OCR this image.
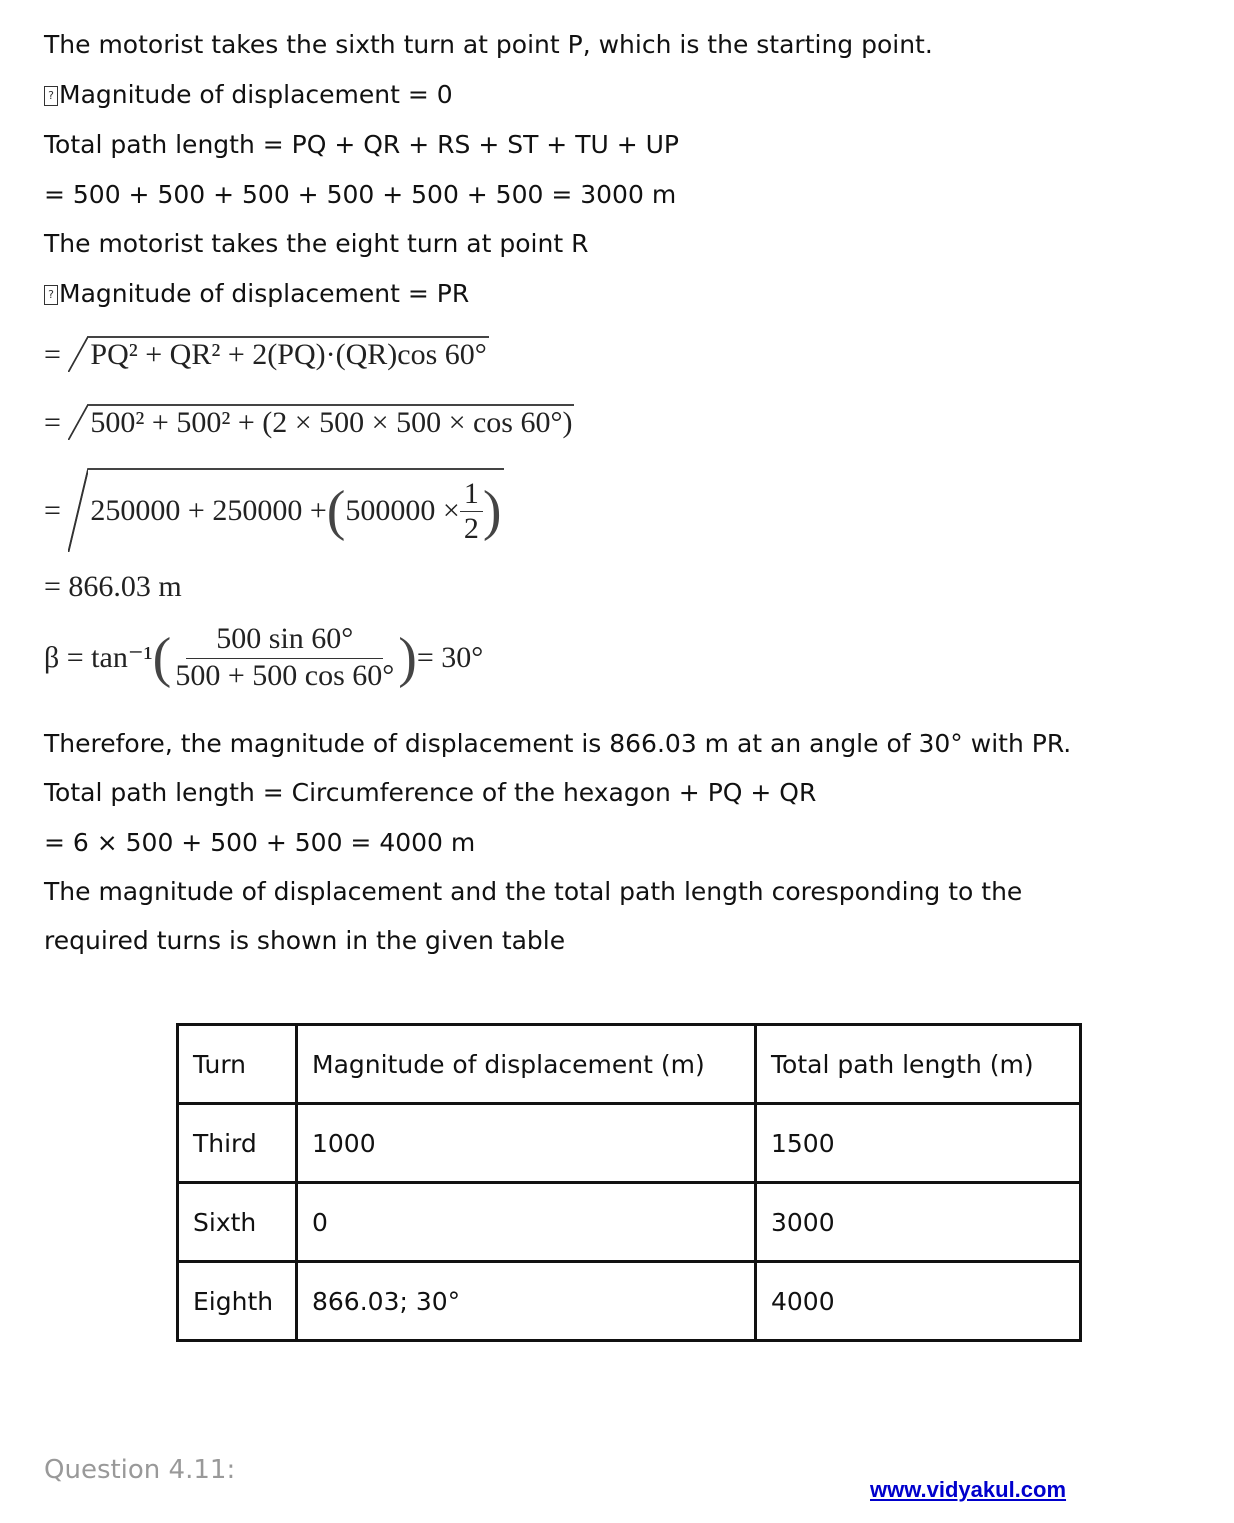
The motorist takes the sixth turn at point P, which is the starting point.
? Magnitude of displacement = 0
Total path length = PQ + QR + RS + ST + TU + UP
= 500 + 500 + 500 + 500 + 500 + 500 = 3000 m
The motorist takes the eight turn at point R
? Magnitude of displacement = PR
= PQ² + QR² + 2(PQ)·(QR)cos 60°
= 500² + 500² + (2 × 500 × 500 × cos 60°)
= 250000 + 250000 + ( $500000 \times \frac{1}{2}$ )
= 866.03 m
β = tan⁻¹ ( $\frac{500 \sin 60^\circ}{500 + 500 \cos 60^\circ}$ ) = 30°
Therefore, the magnitude of displacement is 866.03 m at an angle of 30° with PR.
Total path length = Circumference of the hexagon + PQ + QR
= 6 × 500 + 500 + 500 = 4000 m
The magnitude of displacement and the total path length coresponding to the
required turns is shown in the given table
Turn	Magnitude of displacement (m)	Total path length (m)
Third	1000	1500
Sixth	0	3000
Eighth	866.03; 30°	4000
Question 4.11:
www.vidyakul.com
